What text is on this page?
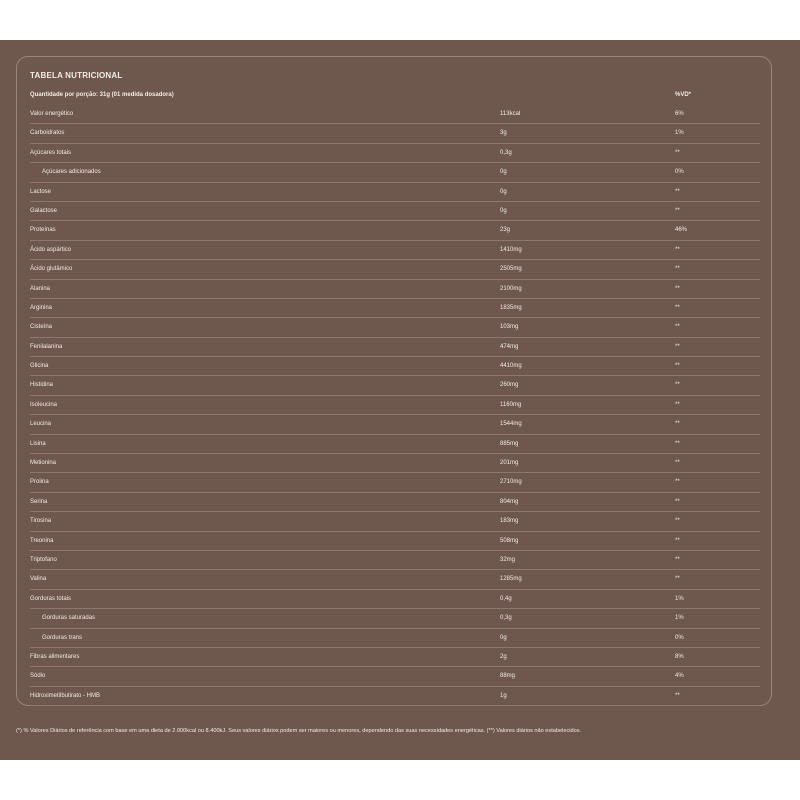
TABELA NUTRICIONAL
Quantidade por porção: 31g (01 medida dosadora)	%VD*
Valor energético	113kcal	6%
Carboidratos	3g	1%
Açúcares totais	0,3g	**
Açúcares adicionados	0g	0%
Lactose	0g	**
Galactose	0g	**
Proteínas	23g	46%
Ácido aspártico	1410mg	**
Ácido glutâmico	2505mg	**
Alanina	2100mg	**
Arginina	1835mg	**
Cisteína	103mg	**
Fenilalanina	474mg	**
Glicina	4410mg	**
Histidina	260mg	**
Isoleucina	1160mg	**
Leucina	1544mg	**
Lisina	885mg	**
Metionina	201mg	**
Prolina	2710mg	**
Serina	804mg	**
Tirosina	183mg	**
Treonina	508mg	**
Triptofano	32mg	**
Valina	1285mg	**
Gorduras totais	0,4g	1%
Gorduras saturadas	0,3g	1%
Gorduras trans	0g	0%
Fibras alimentares	2g	8%
Sódio	88mg	4%
Hidroximetilbutirato - HMB	1g	**
(*) % Valores Diários de referência com base em uma dieta de 2.000kcal ou 8.400kJ. Seus valores diários podem ser maiores ou menores, dependendo das suas necessidades energéticas. (**) Valores diários não estabelecidos.
